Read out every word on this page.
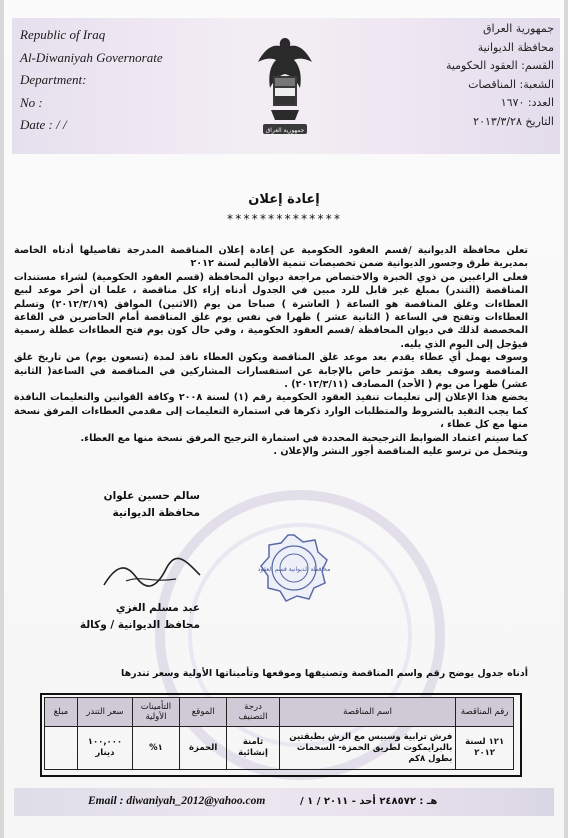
Republic of Iraq
Al-Diwaniyah Governorate
Department:
No :
Date : / /
جمهورية العراق
محافظة الديوانية
القسم: العقود الحكومية
الشعبة: المناقصات
العدد: ١٦٧٠
التاريخ ٢٠١٣/٣/٢٨
جمهورية العراق
إعادة إعلان
**************

تعلن محافظة الديوانية /قسم العقود الحكومية عن إعادة إعلان المناقصة المدرجة تفاصيلها أدناه الخاصة بمديرية طرق وجسور الديوانية ضمن تخصيصات تنمية الأقاليم لسنة ٢٠١٢

فعلى الراغبين من ذوي الخبرة والاختصاص مراجعة ديوان المحافظة (قسم العقود الحكومية) لشراء مستندات المناقصة (التندر) بمبلغ غير قابل للرد مبين في الجدول أدناه إزاء كل مناقصة ، علما ان أخر موعد لبيع العطاءات وغلق المناقصة هو الساعة ( العاشرة ) صباحا من يوم (الاثنين) الموافق (٢٠١٢/٣/١٩) وتسلم العطاءات وتفتح في الساعة ( الثانية عشر ) ظهرا في نفس يوم غلق المناقصة أمام الحاضرين في القاعة المخصصة لذلك في ديوان المحافظة /قسم العقود الحكومية ، وفي حال كون يوم فتح العطاءات عطلة رسمية فيؤجل إلى اليوم الذي يليه.

وسوف يهمل أي عطاء يقدم بعد موعد غلق المناقصة ويكون العطاء نافذ لمدة (تسعون يوم) من تاريخ غلق المناقصة وسوف يعقد مؤتمر خاص بالإجابة عن استفسارات المشاركين في المناقصة في الساعة( الثانية عشر) ظهرا من يوم ( الأحد) المصادف (٢٠١٢/٣/١١) .

يخضع هذا الإعلان إلى تعليمات تنفيذ العقود الحكومية رقم (١) لسنة ٢٠٠٨ وكافة القوانين والتعليمات النافذة كما يجب التقيد بالشروط والمتطلبات الوارد ذكرها في استمارة التعليمات إلى مقدمي العطاءات المرفق نسخة منها مع كل عطاء ،

كما سيتم اعتماد الضوابط الترجيحية المحددة في استمارة الترجيح المرفق نسخة منها مع العطاء.

ويتحمل من ترسو عليه المناقصة أجور النشر والإعلان .

سالم حسين علوان
محافظة الديوانية
محافظة الديوانية قسم العقود
عبد مسلم الغزي
محافظ الديوانية / وكالة
أدناه جدول يوضح رقم واسم المناقصة وتصنيفها وموقعها وتأميناتها الأولية وسعر تندرها
رقم المناقصة	اسم المناقصة	درجة التصنيف	الموقع	التأمينات الأولية	سعر التندر	مبلغ
١٢١ لسنة ٢٠١٢	فرش ترابية وسبيس مع الرش بطبقتين بالبرايمكوت لطريق الحمزة- السحمات بطول ٨كم	ثامنة إنشائية	الحمزة	١%	١٠٠,٠٠٠ دينار	
Email : diwaniyah_2012@yahoo.com	هـ : ٢٤٨٥٧٢ أحد - ٢٠١١ / ١ /
